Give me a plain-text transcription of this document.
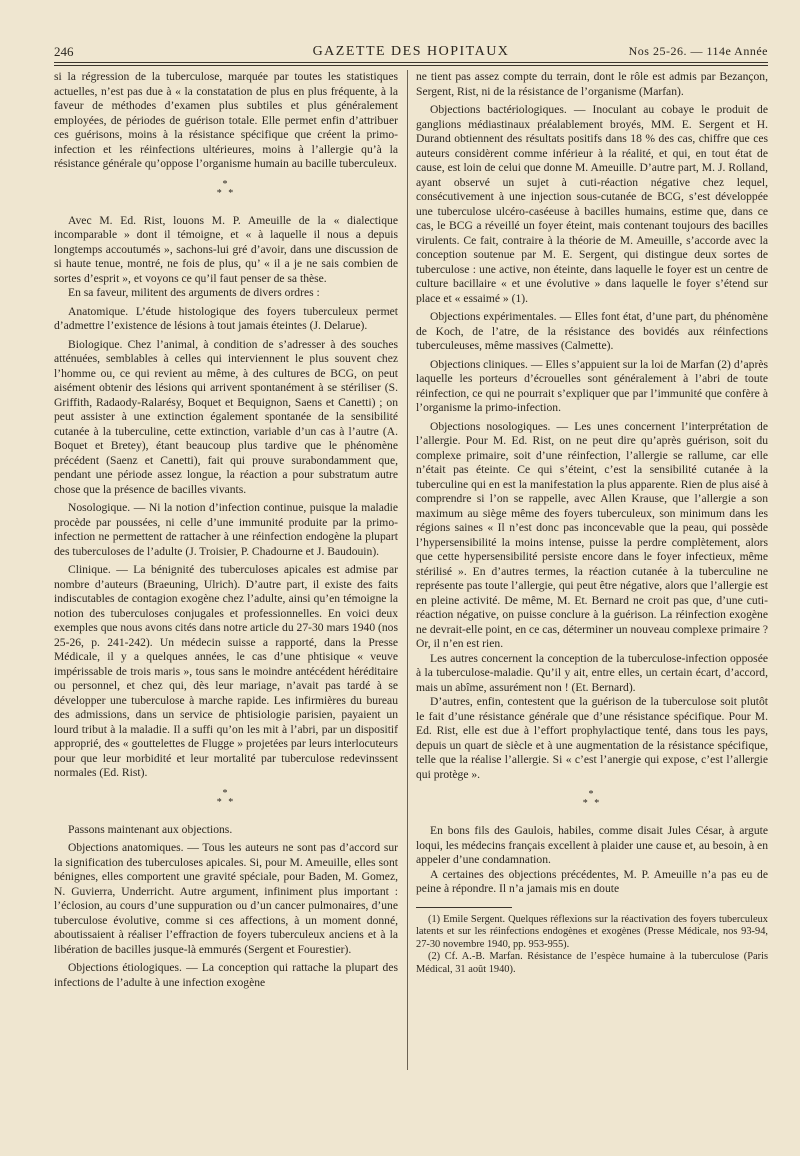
246	GAZETTE DES HOPITAUX	Nos 25-26. — 114e Année

si la régression de la tuberculose, marquée par toutes les statistiques actuelles, n’est pas due à « la constatation de plus en plus fréquente, à la faveur de méthodes d’examen plus subtiles et plus généralement employées, de périodes de guérison totale. Elle permet enfin d’attribuer ces guérisons, moins à la résistance spécifique que créent la primo-infection et les réinfections ultérieures, moins à l’allergie qu’à la résistance générale qu’oppose l’organisme humain au bacille tuberculeux.

*
* *

Avec M. Ed. Rist, louons M. P. Ameuille de la « dialectique incomparable » dont il témoigne, et « à laquelle il nous a depuis longtemps accoutumés », sachons-lui gré d’avoir, dans une discussion de si haute tenue, montré, ne fois de plus, qu’ « il a je ne sais combien de sortes d’esprit », et voyons ce qu’il faut penser de sa thèse.

En sa faveur, militent des arguments de divers ordres :

Anatomique. L’étude histologique des foyers tuberculeux permet d’admettre l’existence de lésions à tout jamais éteintes (J. Delarue).

Biologique. Chez l’animal, à condition de s’adresser à des souches atténuées, semblables à celles qui interviennent le plus souvent chez l’homme ou, ce qui revient au même, à des cultures de BCG, on peut aisément obtenir des lésions qui arrivent spontanément à se stériliser (S. Griffith, Radaody-Ralarésy, Boquet et Bequignon, Saens et Canetti) ; on peut assister à une extinction également spontanée de la sensibilité cutanée à la tuberculine, cette extinction, variable d’un cas à l’autre (A. Boquet et Bretey), étant beaucoup plus tardive que le phénomène précédent (Saenz et Canetti), fait qui prouve surabondamment que, pendant une période assez longue, la réaction a pour substratum autre chose que la présence de bacilles vivants.

Nosologique. — Ni la notion d’infection continue, puisque la maladie procède par poussées, ni celle d’une immunité produite par la primo-infection ne permettent de rattacher à une réinfection endogène la plupart des tuberculoses de l’adulte (J. Troisier, P. Chadourne et J. Baudouin).

Clinique. — La bénignité des tuberculoses apicales est admise par nombre d’auteurs (Braeuning, Ulrich). D’autre part, il existe des faits indiscutables de contagion exogène chez l’adulte, ainsi qu’en témoigne la notion des tuberculoses conjugales et professionnelles. En voici deux exemples que nous avons cités dans notre article du 27-30 mars 1940 (nos 25-26, p. 241-242). Un médecin suisse a rapporté, dans la Presse Médicale, il y a quelques années, le cas d’une phtisique « veuve impérissable de trois maris », tous sans le moindre antécédent héréditaire ou personnel, et chez qui, dès leur mariage, n’avait pas tardé à se développer une tuberculose à marche rapide. Les infirmières du bureau des admissions, dans un service de phtisiologie parisien, payaient un lourd tribut à la maladie. Il a suffi qu’on les mit à l’abri, par un dispositif approprié, des « gouttelettes de Flugge » projetées par leurs interlocuteurs pour que leur morbidité et leur mortalité par tuberculose redevinssent normales (Ed. Rist).

*
* *

Passons maintenant aux objections.

Objections anatomiques. — Tous les auteurs ne sont pas d’accord sur la signification des tuberculoses apicales. Si, pour M. Ameuille, elles sont bénignes, elles comportent une gravité spéciale, pour Baden, M. Gomez, N. Guvierra, Underricht. Autre argument, infiniment plus important : l’éclosion, au cours d’une suppuration ou d’un cancer pulmonaires, d’une tuberculose évolutive, comme si ces affections, à un moment donné, aboutissaient à réaliser l’effraction de foyers tuberculeux anciens et à la libération de bacilles jusque-là emmurés (Sergent et Fourestier).

Objections étiologiques. — La conception qui rattache la plupart des infections de l’adulte à une infection exogène

ne tient pas assez compte du terrain, dont le rôle est admis par Bezançon, Sergent, Rist, ni de la résistance de l’organisme (Marfan).

Objections bactériologiques. — Inoculant au cobaye le produit de ganglions médiastinaux préalablement broyés, MM. E. Sergent et H. Durand obtiennent des résultats positifs dans 18 % des cas, chiffre que ces auteurs considèrent comme inférieur à la réalité, et qui, en tout état de cause, est loin de celui que donne M. Ameuille. D’autre part, M. J. Rolland, ayant observé un sujet à cuti-réaction négative chez lequel, consécutivement à une injection sous-cutanée de BCG, s’est développée une tuberculose ulcéro-caséeuse à bacilles humains, estime que, dans ce cas, le BCG a réveillé un foyer éteint, mais contenant toujours des bacilles virulents. Ce fait, contraire à la théorie de M. Ameuille, s’accorde avec la conception soutenue par M. E. Sergent, qui distingue deux sortes de tuberculose : une active, non éteinte, dans laquelle le foyer est un centre de culture bacillaire « et une évolutive » dans laquelle le foyer s’étend sur place et « essaimé » (1).

Objections expérimentales. — Elles font état, d’une part, du phénomène de Koch, de l’atre, de la résistance des bovidés aux réinfections tuberculeuses, même massives (Calmette).

Objections cliniques. — Elles s’appuient sur la loi de Marfan (2) d’après laquelle les porteurs d’écrouelles sont généralement à l’abri de toute réinfection, ce qui ne pourrait s’expliquer que par l’immunité que confère à l’organisme la primo-infection.

Objections nosologiques. — Les unes concernent l’interprétation de l’allergie. Pour M. Ed. Rist, on ne peut dire qu’après guérison, soit du complexe primaire, soit d’une réinfection, l’allergie se rallume, car elle n’était pas éteinte. Ce qui s’éteint, c’est la sensibilité cutanée à la tuberculine qui en est la manifestation la plus apparente. Rien de plus aisé à comprendre si l’on se rappelle, avec Allen Krause, que l’allergie a son maximum au siège même des foyers tuberculeux, son minimum dans les régions saines « Il n’est donc pas inconcevable que la peau, qui possède l’hypersensibilité la moins intense, puisse la perdre complètement, alors que cette hypersensibilité persiste encore dans le foyer infectieux, même stérilisé ». En d’autres termes, la réaction cutanée à la tuberculine ne représente pas toute l’allergie, qui peut être négative, alors que l’allergie est en pleine activité. De même, M. Et. Bernard ne croit pas que, d’une cuti-réaction négative, on puisse conclure à la guérison. La réinfection exogène ne devrait-elle point, en ce cas, déterminer un nouveau complexe primaire ? Or, il n’en est rien.

Les autres concernent la conception de la tuberculose-infection opposée à la tuberculose-maladie. Qu’il y ait, entre elles, un certain écart, d’accord, mais un abîme, assurément non ! (Et. Bernard).

D’autres, enfin, contestent que la guérison de la tuberculose soit plutôt le fait d’une résistance générale que d’une résistance spécifique. Pour M. Ed. Rist, elle est due à l’effort prophylactique tenté, dans tous les pays, depuis un quart de siècle et à une augmentation de la résistance spécifique, telle que la réalise l’allergie. Si « c’est l’anergie qui expose, c’est l’allergie qui protège ».

*
* *

En bons fils des Gaulois, habiles, comme disait Jules César, à argute loqui, les médecins français excellent à plaider une cause et, au besoin, à en appeler d’une condamnation.

A certaines des objections précédentes, M. P. Ameuille n’a pas eu de peine à répondre. Il n’a jamais mis en doute

(1) Emile Sergent. Quelques réflexions sur la réactivation des foyers tuberculeux latents et sur les réinfections endogènes et exogènes (Presse Médicale, nos 93-94, 27-30 novembre 1940, pp. 953-955).

(2) Cf. A.-B. Marfan. Résistance de l’espèce humaine à la tuberculose (Paris Médical, 31 août 1940).
